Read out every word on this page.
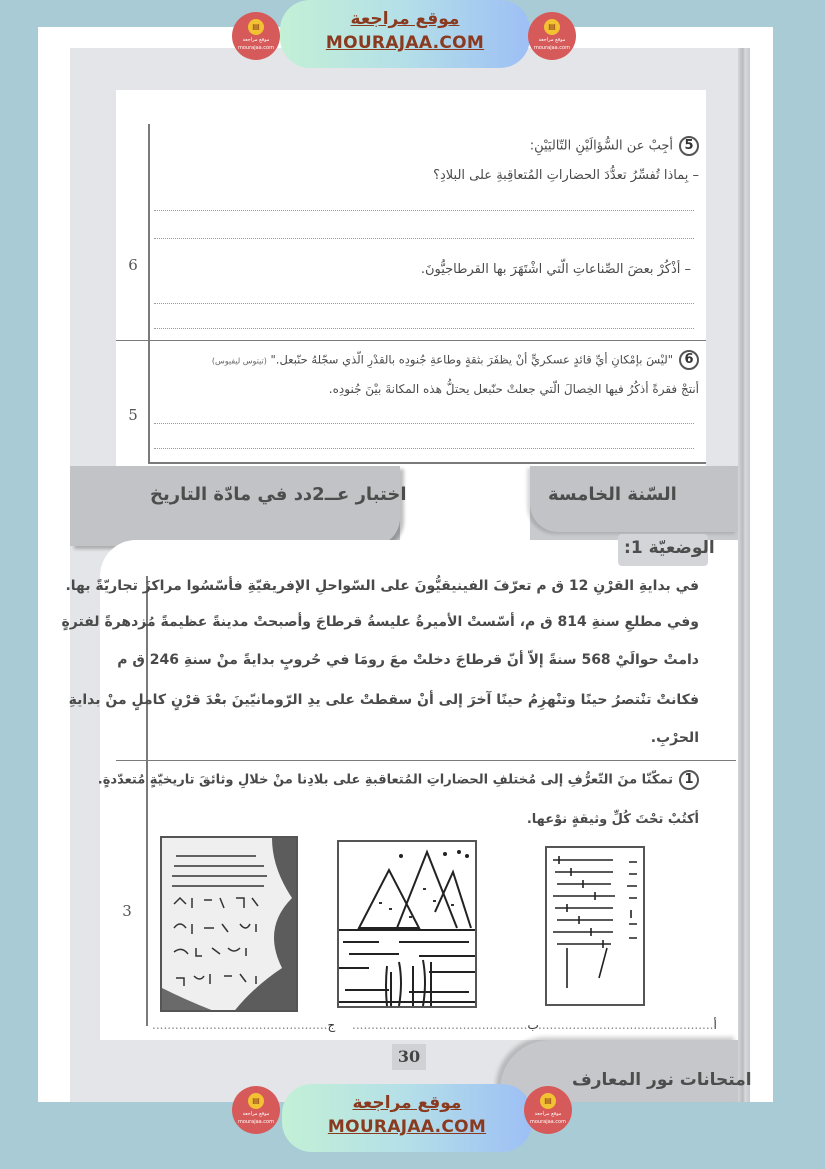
6
5
5أجِبْ عن السُّؤالَيْنِ التّاليَيْنِ:
– بِماذا تُفسِّرُ تعدُّدَ الحضاراتِ المُتعاقِبةِ على البلادِ؟
– أذْكُرْ بعضَ الصِّناعاتِ الّتي اشْتَهَرَ بها القرطاجيُّونَ.
6"ليْسَ بإمْكانِ أيِّ قائدٍ عسكريٍّ أنْ يظفَرَ بثقةٍ وطاعةِ جُنودِه بالقدْرِ الّذي سجّلهُ حنّبعل." (تيتوس ليفيوس)
أنتجْ فقرةً أذكُرُ فيها الخِصالَ الّتي جعلتْ حنّبعل يحتلُّ هذه المكانةَ بيْنَ جُنودِه.
اختبار عــ2دد في مادّة التاريخ	السّنة الخامسة
الوضعيّة 1:
في بدايةِ القرْنِ 12 ق م تعرّفَ الفينيقيُّونَ على السّواحلِ الإفريقيّةِ فأسّسُوا مراكزَ تجاريّةً بها.
وفي مطلعِ سنةِ 814 ق م، أسّستْ الأميرةُ عليسةُ قرطاجَ وأصبحتْ مدينةً عظيمةً مُزدهرةً لفترةٍ
دامتْ حوالَيْ 568 سنةً إلاّ أنّ قرطاجَ دخلتْ معَ رومَا في حُروبٍ بدايةً منْ سنةِ 246 ق م
فكانتْ تنْتصرُ حينًا وتنْهزِمُ حينًا آخرَ إلى أنْ سقطتْ على يدِ الرّومانيّينَ بعْدَ قرْنٍ كاملٍ منْ بدايةِ
الحرْبِ.
1تمكّنّا منَ التّعرُّفِ إلى مُختلفِ الحضاراتِ المُتعاقبةِ على بلادِنا منْ خلالِ وثائقَ تاريخيّةٍ مُتعدّدةٍ.
أكتُبْ تحْتَ كُلِّ وثيقةٍ نوْعها.
3
ج..............................................	ب..............................................	أ..............................................
30
امتحانات نور المعارف
▤
موقع مراجعة
mourajaa.com
موقع مراجعة
MOUR﻿AJAA.COM
▤
موقع مراجعة
mourajaa.com
▤
موقع مراجعة
mourajaa.com
موقع مراجعة
MOUR﻿AJAA.COM
▤
موقع مراجعة
mourajaa.com
